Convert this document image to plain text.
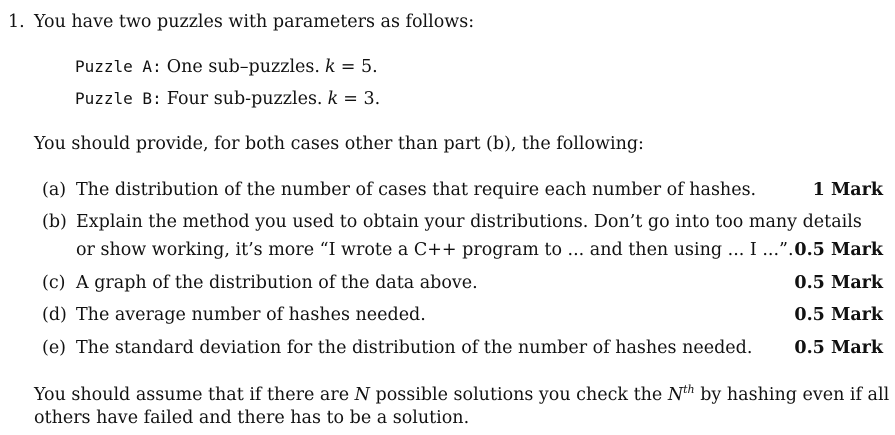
1. You have two puzzles with parameters as follows:
Puzzle A: One sub–puzzles. k = 5.
Puzzle B: Four sub-puzzles. k = 3.
You should provide, for both cases other than part (b), the following:
(a) The distribution of the number of cases that require each number of hashes.	1 Mark
(b) Explain the method you used to obtain your distributions. Don’t go into too many details
or show working, it’s more “I wrote a C++ program to ... and then using ... I ...”. 0.5 Mark
(c) A graph of the distribution of the data above.	0.5 Mark
(d) The average number of hashes needed.	0.5 Mark
(e) The standard deviation for the distribution of the number of hashes needed. 0.5 Mark
You should assume that if there are N possible solutions you check the $N^{th}$ by hashing even if all
others have failed and there has to be a solution.
